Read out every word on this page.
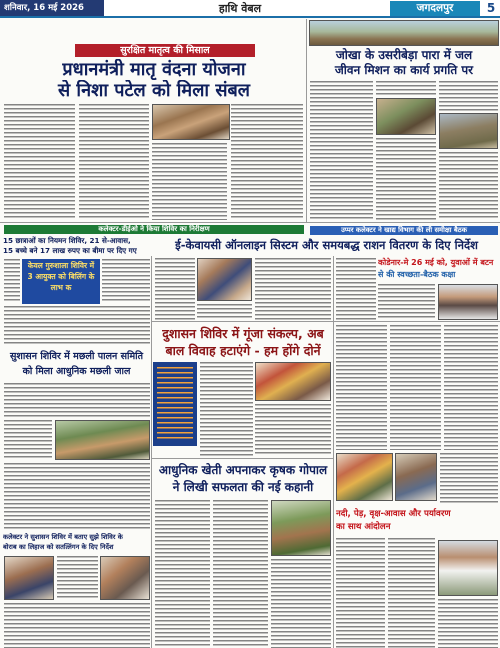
शनिवार, 16 मई 2026	हाथि वेबल	जगदलपुर	5
सुरक्षित मातृत्व की मिसाल
प्रधानमंत्री मातृ वंदना योजना
से निशा पटेल को मिला संबल
जोखा के उसरीबेड़ा पारा में जल
जीवन मिशन का कार्य प्रगति पर
कलेक्टर-डीईओ ने किया शिविर का निरीक्षण
15 छात्राओं का नियमन शिविर, 21 से-आवास,
15 बच्चे बने 17 लाख रुपए का बीमा पर दिए गए
केवल गुरुशाला शिविर में 3 आयुक्त को बिलिंग के लाभ क
उप्पर कलेक्टर ने खाद्य विभाग की ली समीक्षा बैठक
ई-केवायसी ऑनलाइन सिस्टम और समयबद्ध राशन वितरण के दिए निर्देश
कोडेनार-मे 26 मई को, युवाओं में बटन
से की स्वच्छता-बैठक कक्षा
दुशासन शिविर में गूंजा संकल्प, अब
बाल विवाह हटाएंगे - हम होंगे दोनें
सुशासन शिविर में मछली पालन समिति
को मिला आधुनिक मछली जाल
कलेक्टर ने सुशासन शिविर में बताए सुझे शिविर के
बोराब का लिहाज को सतत्लिंगन के दिए निर्देश
आधुनिक खेती अपनाकर कृषक गोपाल
ने लिखी सफलता की नई कहानी
नदी, पेड़, वृक्ष-आवास और पर्यावरण
का साथ आंदोलन
